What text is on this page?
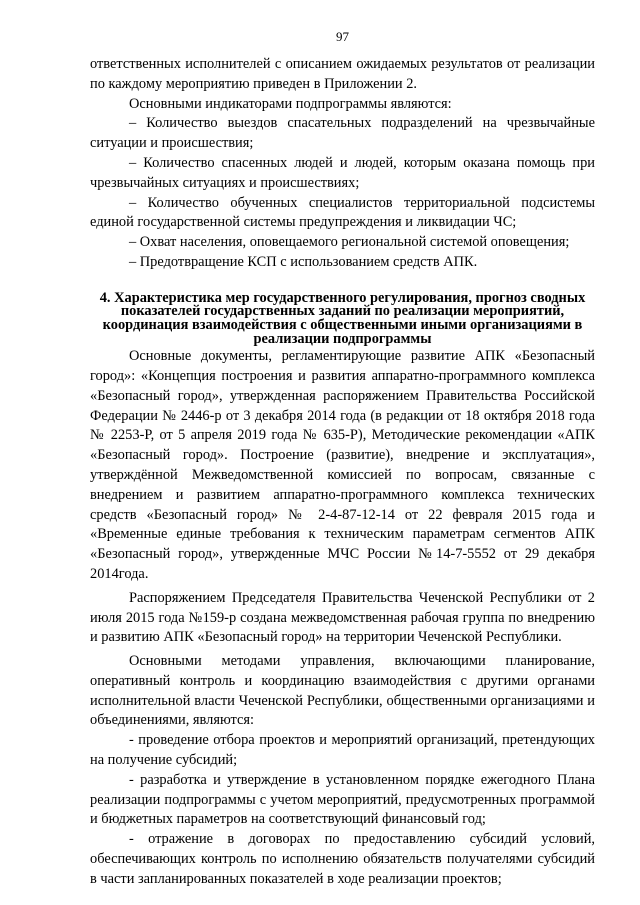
97

ответственных исполнителей с описанием ожидаемых результатов от реализации по каждому мероприятию приведен в Приложении 2.

Основными индикаторами подпрограммы являются:

– Количество выездов спасательных подразделений на чрезвычайные ситуации и происшествия;

– Количество спасенных людей и людей, которым оказана помощь при чрезвычайных ситуациях и происшествиях;

– Количество обученных специалистов территориальной подсистемы единой государственной системы предупреждения и ликвидации ЧС;

– Охват населения, оповещаемого региональной системой оповещения;

– Предотвращение КСП с использованием средств АПК.

4. Характеристика мер государственного регулирования, прогноз сводных показателей государственных заданий по реализации мероприятий, координация взаимодействия с общественными иными организациями в реализации подпрограммы

Основные документы, регламентирующие развитие АПК «Безопасный город»: «Концепция построения и развития аппаратно-программного комплекса «Безопасный город», утвержденная распоряжением Правительства Российской Федерации № 2446-р от 3 декабря 2014 года (в редакции от 18 октября 2018 года № 2253-Р, от 5 апреля 2019 года № 635-Р), Методические рекомендации «АПК «Безопасный город». Построение (развитие), внедрение и эксплуатация», утверждённой Межведомственной комиссией по вопросам, связанные с внедрением и развитием аппаратно-программного комплекса технических средств «Безопасный город» № 2-4-87-12-14 от 22 февраля 2015 года и «Временные единые требования к техническим параметрам сегментов АПК «Безопасный город», утвержденные МЧС России №14-7-5552 от 29 декабря 2014года.

Распоряжением Председателя Правительства Чеченской Республики от 2 июля 2015 года №159-р создана межведомственная рабочая группа по внедрению и развитию АПК «Безопасный город» на территории Чеченской Республики.

Основными методами управления, включающими планирование, оперативный контроль и координацию взаимодействия с другими органами исполнительной власти Чеченской Республики, общественными организациями и объединениями, являются:

- проведение отбора проектов и мероприятий организаций, претендующих на получение субсидий;

- разработка и утверждение в установленном порядке ежегодного Плана реализации подпрограммы с учетом мероприятий, предусмотренных программой и бюджетных параметров на соответствующий финансовый год;

- отражение в договорах по предоставлению субсидий условий, обеспечивающих контроль по исполнению обязательств получателями субсидий в части запланированных показателей в ходе реализации проектов;
